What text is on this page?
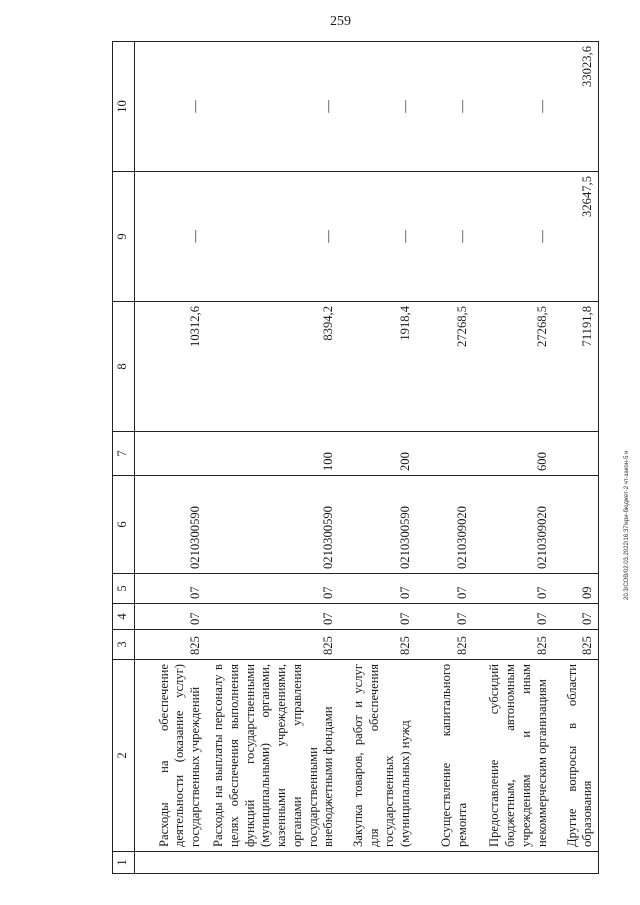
259
20.3/СОВ/02.03.2022/16:37/кри-бюджет-2 чт-закон-5 н
1	2	3	4	5	6	7	8	9	10
	Расходы на обеспечение деятельности (оказание услуг) государственных учреждений	825	07	07	0210300590		10312,6	—	—
	Расходы на выплаты персоналу в целях обеспечения выполнения функций государственными (муниципальными) органами, казенными учреждениями, органами управления государственными внебюджетными фондами	825	07	07	0210300590	100	8394,2	—	—
	Закупка товаров, работ и услуг для обеспечения государственных (муниципальных) нужд	825	07	07	0210300590	200	1918,4	—	—
	Осуществление капитального ремонта	825	07	07	0210309020		27268,5	—	—
	Предоставление субсидий бюджетным, автономным учреждениям и иным некоммерческим организациям	825	07	07	0210309020	600	27268,5	—	—
	Другие вопросы в области образования	825	07	09			71191,8	32647,5	33023,6
